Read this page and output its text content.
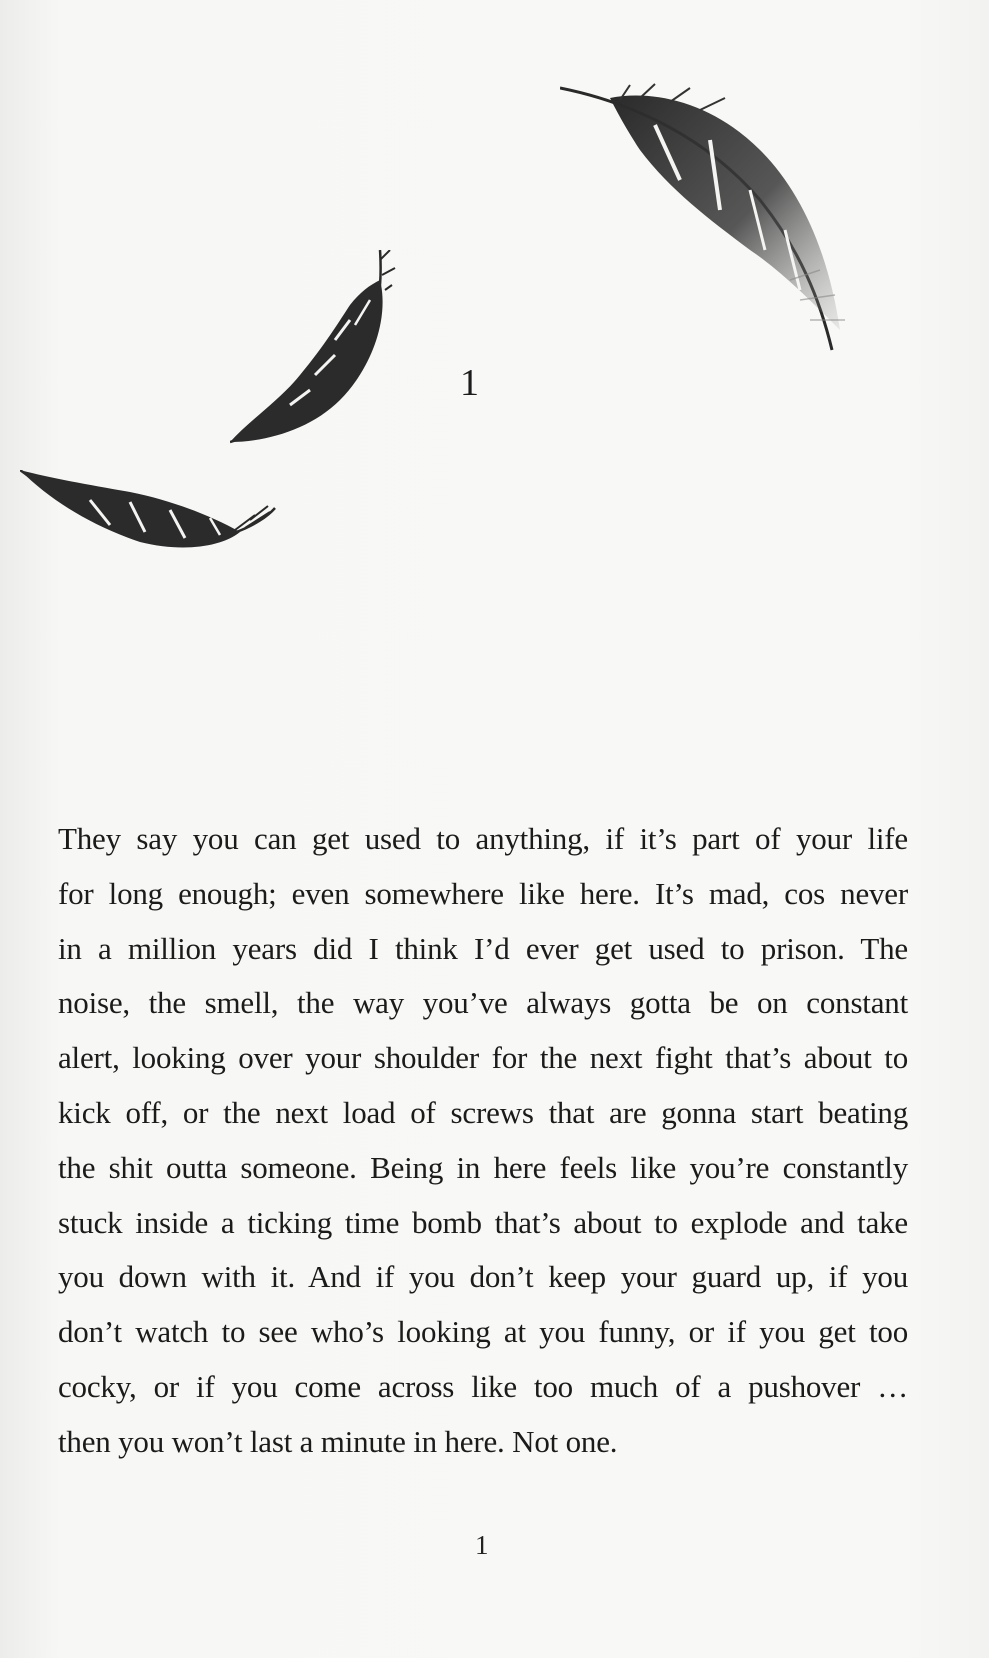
1
They say you can get used to anything, if it’s part of your life
for long enough; even somewhere like here. It’s mad, cos never
in a million years did I think I’d ever get used to prison. The
noise, the smell, the way you’ve always gotta be on constant
alert, looking over your shoulder for the next fight that’s about to
kick off, or the next load of screws that are gonna start beating
the shit outta someone. Being in here feels like you’re constantly
stuck inside a ticking time bomb that’s about to explode and take
you down with it. And if you don’t keep your guard up, if you
don’t watch to see who’s looking at you funny, or if you get too
cocky, or if you come across like too much of a pushover …
then you won’t last a minute in here. Not one.
1
